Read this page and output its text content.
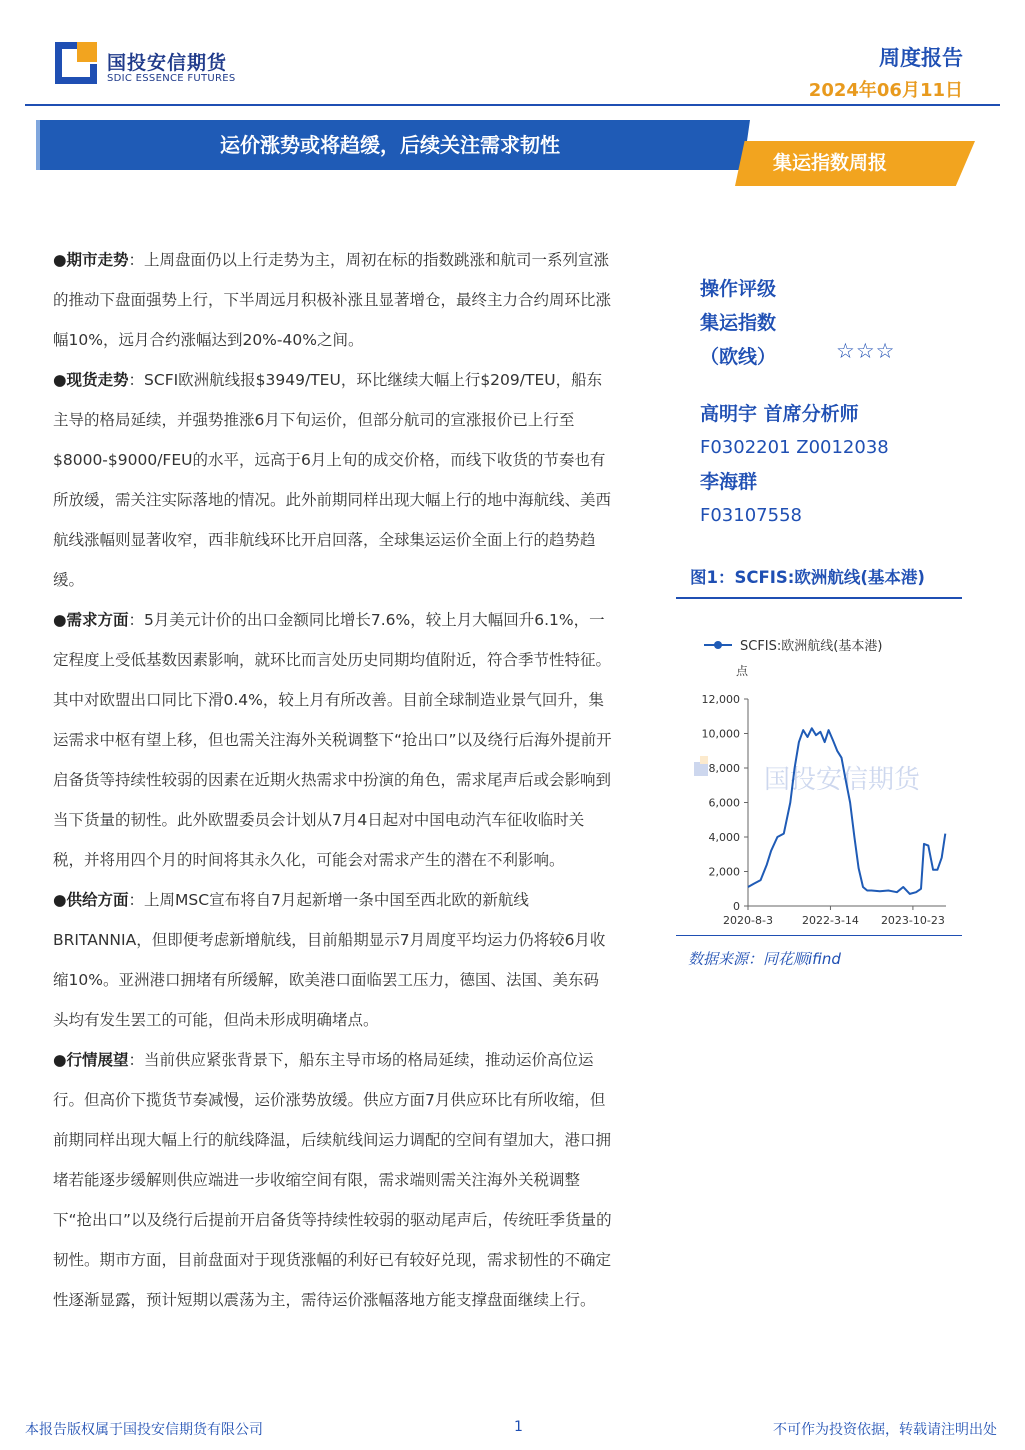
国投安信期货
SDIC ESSENCE FUTURES
周度报告
2024年06月11日
运价涨势或将趋缓，后续关注需求韧性
集运指数周报

●期市走势：上周盘面仍以上行走势为主，周初在标的指数跳涨和航司一系列宣涨的推动下盘面强势上行，下半周远月积极补涨且显著增仓，最终主力合约周环比涨幅10%，远月合约涨幅达到20%-40%之间。

●现货走势：SCFI欧洲航线报$3949/TEU，环比继续大幅上行$209/TEU，船东主导的格局延续，并强势推涨6月下旬运价，但部分航司的宣涨报价已上行至$8000-$9000/FEU的水平，远高于6月上旬的成交价格，而线下收货的节奏也有所放缓，需关注实际落地的情况。此外前期同样出现大幅上行的地中海航线、美西航线涨幅则显著收窄，西非航线环比开启回落，全球集运运价全面上行的趋势趋缓。

●需求方面：5月美元计价的出口金额同比增长7.6%，较上月大幅回升6.1%，一定程度上受低基数因素影响，就环比而言处历史同期均值附近，符合季节性特征。其中对欧盟出口同比下滑0.4%，较上月有所改善。目前全球制造业景气回升，集运需求中枢有望上移，但也需关注海外关税调整下“抢出口”以及绕行后海外提前开启备货等持续性较弱的因素在近期火热需求中扮演的角色，需求尾声后或会影响到当下货量的韧性。此外欧盟委员会计划从7月4日起对中国电动汽车征收临时关税，并将用四个月的时间将其永久化，可能会对需求产生的潜在不利影响。

●供给方面：上周MSC宣布将自7月起新增一条中国至西北欧的新航线BRITANNIA，但即便考虑新增航线，目前船期显示7月周度平均运力仍将较6月收缩10%。亚洲港口拥堵有所缓解，欧美港口面临罢工压力，德国、法国、美东码头均有发生罢工的可能，但尚未形成明确堵点。

●行情展望：当前供应紧张背景下，船东主导市场的格局延续，推动运价高位运行。但高价下揽货节奏减慢，运价涨势放缓。供应方面7月供应环比有所收缩，但前期同样出现大幅上行的航线降温，后续航线间运力调配的空间有望加大，港口拥堵若能逐步缓解则供应端进一步收缩空间有限，需求端则需关注海外关税调整下“抢出口”以及绕行后提前开启备货等持续性较弱的驱动尾声后，传统旺季货量的韧性。期市方面，目前盘面对于现货涨幅的利好已有较好兑现，需求韧性的不确定性逐渐显露，预计短期以震荡为主，需待运价涨幅落地方能支撑盘面继续上行。

操作评级
集运指数
（欧线）	☆☆☆
高明宇 首席分析师
F0302201 Z0012038
李海群
F03107558
图1：SCFIS:欧洲航线(基本港)
国投安信期货
SCFIS:欧洲航线(基本港)
点
12,000
10,000
8,000
6,000
4,000
2,000
0
2020-8-3	2022-3-14 2023-10-23
数据来源：同花顺ifind
本报告版权属于国投安信期货有限公司	1	不可作为投资依据，转载请注明出处
